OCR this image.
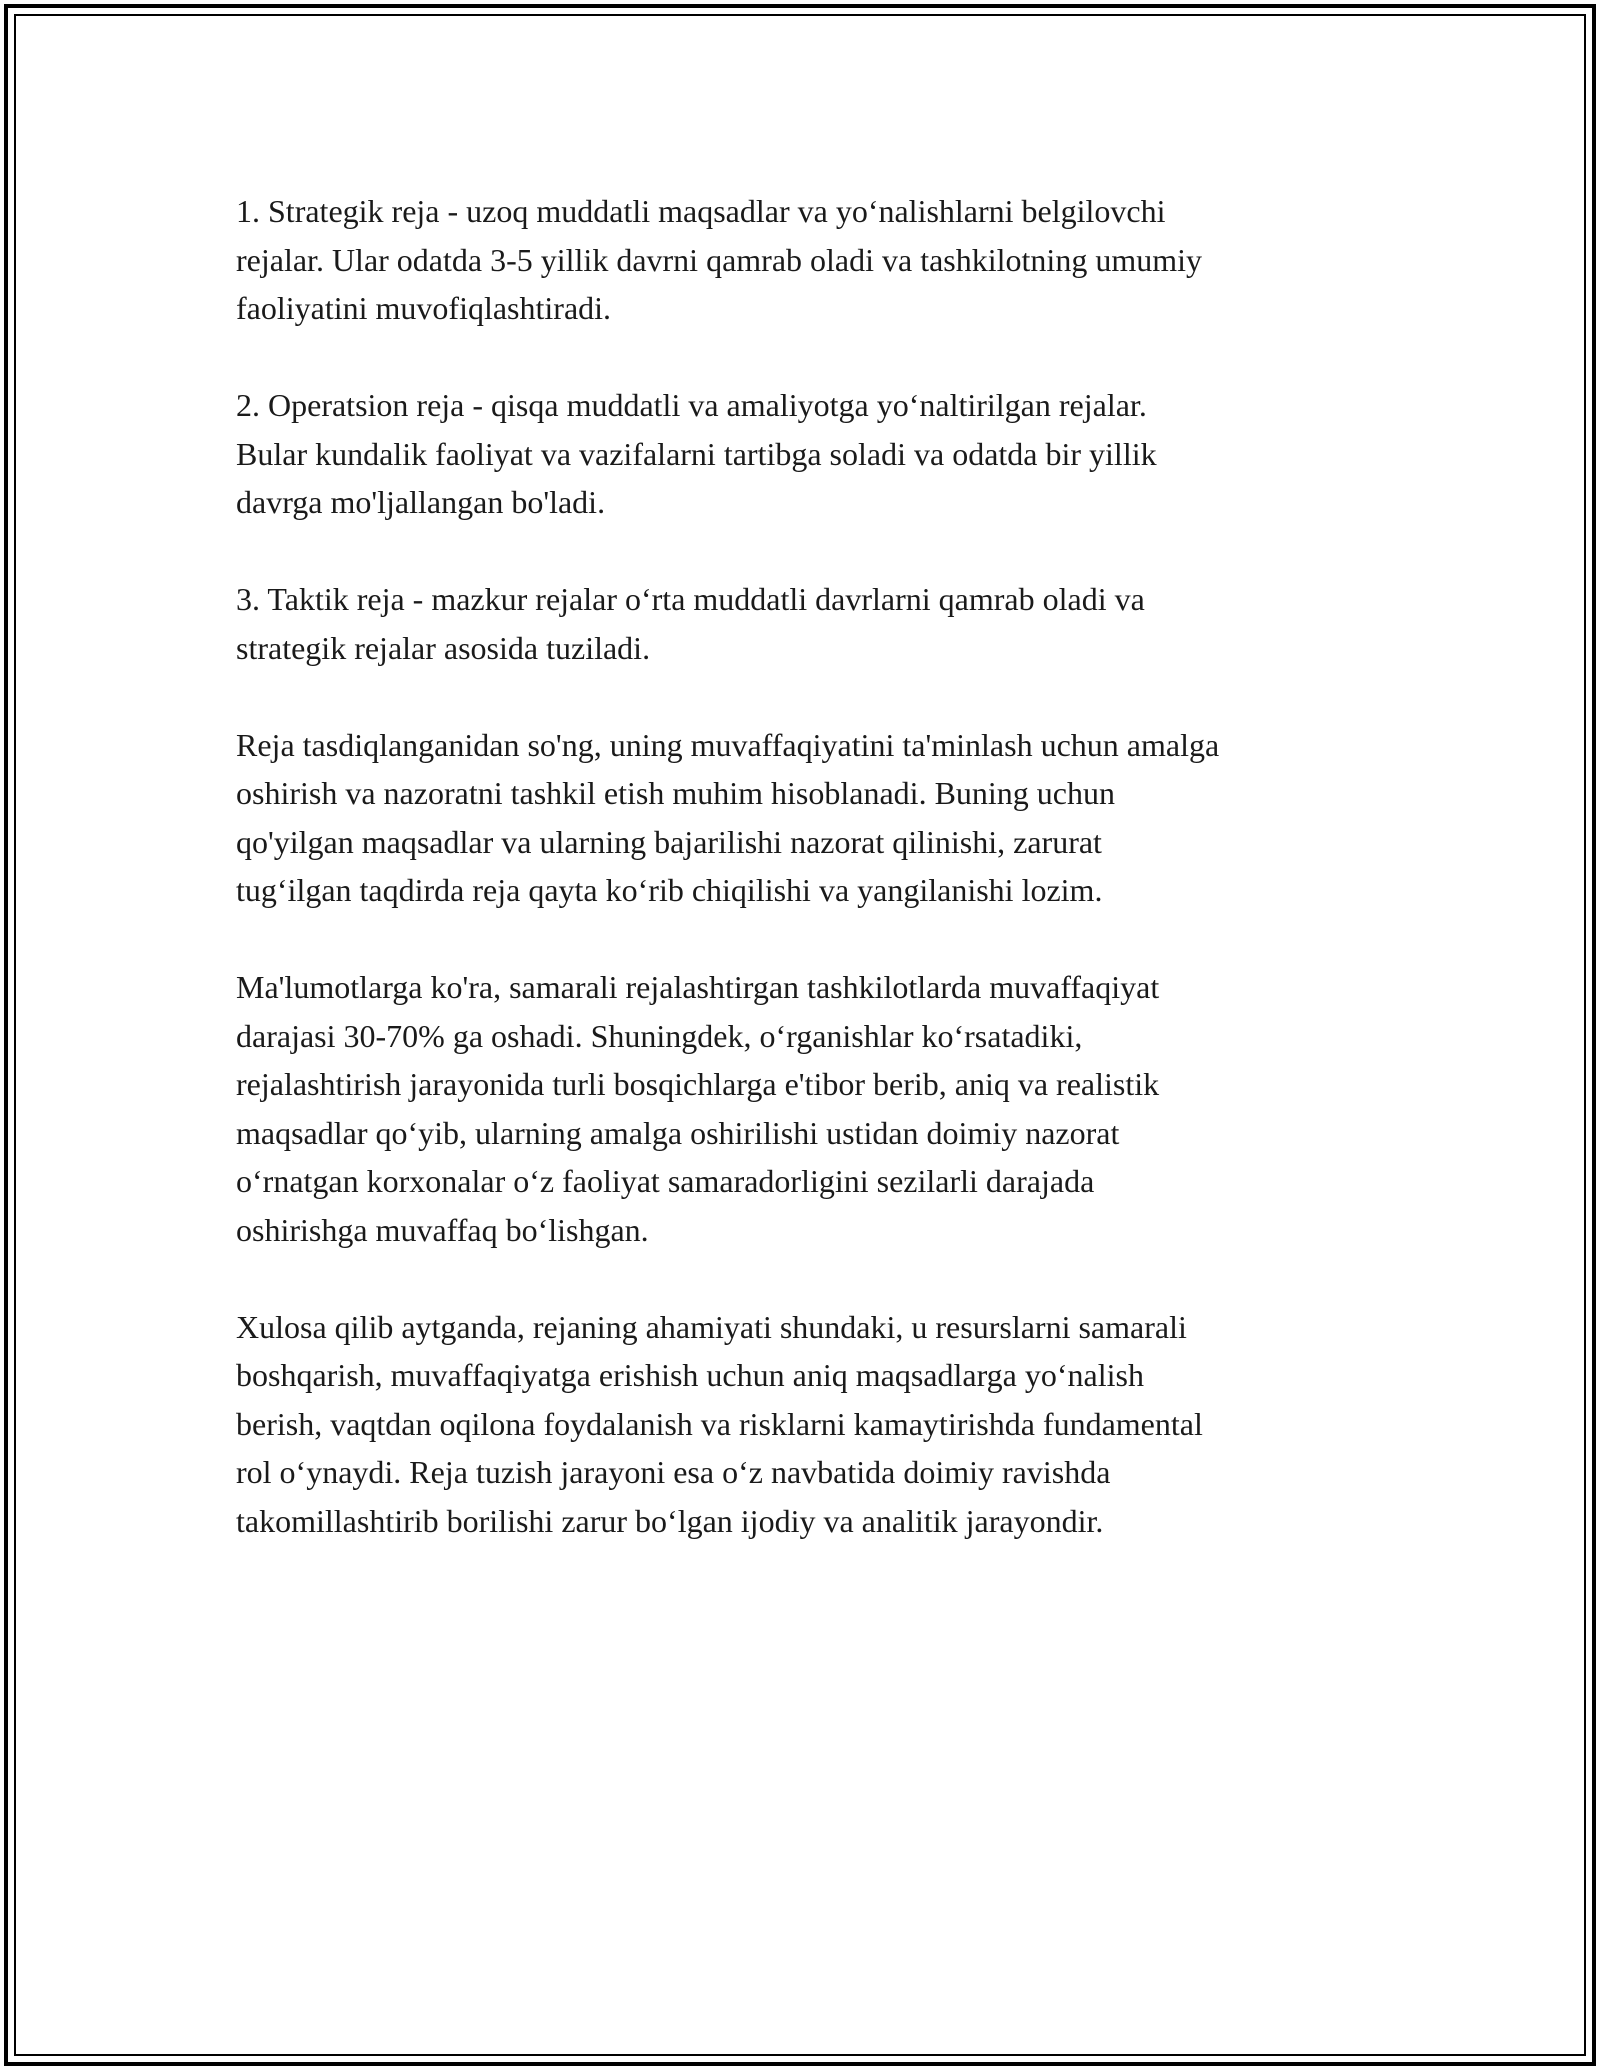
1. Strategik reja - uzoq muddatli maqsadlar va yo‘nalishlarni belgilovchi
rejalar. Ular odatda 3-5 yillik davrni qamrab oladi va tashkilotning umumiy
faoliyatini muvofiqlashtiradi.

2. Operatsion reja - qisqa muddatli va amaliyotga yo‘naltirilgan rejalar.
Bular kundalik faoliyat va vazifalarni tartibga soladi va odatda bir yillik
davrga mo'ljallangan bo'ladi.

3. Taktik reja - mazkur rejalar o‘rta muddatli davrlarni qamrab oladi va
strategik rejalar asosida tuziladi.

Reja tasdiqlanganidan so'ng, uning muvaffaqiyatini ta'minlash uchun amalga
oshirish va nazoratni tashkil etish muhim hisoblanadi. Buning uchun
qo'yilgan maqsadlar va ularning bajarilishi nazorat qilinishi, zarurat
tug‘ilgan taqdirda reja qayta ko‘rib chiqilishi va yangilanishi lozim.

Ma'lumotlarga ko'ra, samarali rejalashtirgan tashkilotlarda muvaffaqiyat
darajasi 30-70% ga oshadi. Shuningdek, o‘rganishlar ko‘rsatadiki,
rejalashtirish jarayonida turli bosqichlarga e'tibor berib, aniq va realistik
maqsadlar qo‘yib, ularning amalga oshirilishi ustidan doimiy nazorat
o‘rnatgan korxonalar o‘z faoliyat samaradorligini sezilarli darajada
oshirishga muvaffaq bo‘lishgan.

Xulosa qilib aytganda, rejaning ahamiyati shundaki, u resurslarni samarali
boshqarish, muvaffaqiyatga erishish uchun aniq maqsadlarga yo‘nalish
berish, vaqtdan oqilona foydalanish va risklarni kamaytirishda fundamental
rol o‘ynaydi. Reja tuzish jarayoni esa o‘z navbatida doimiy ravishda
takomillashtirib borilishi zarur bo‘lgan ijodiy va analitik jarayondir.
